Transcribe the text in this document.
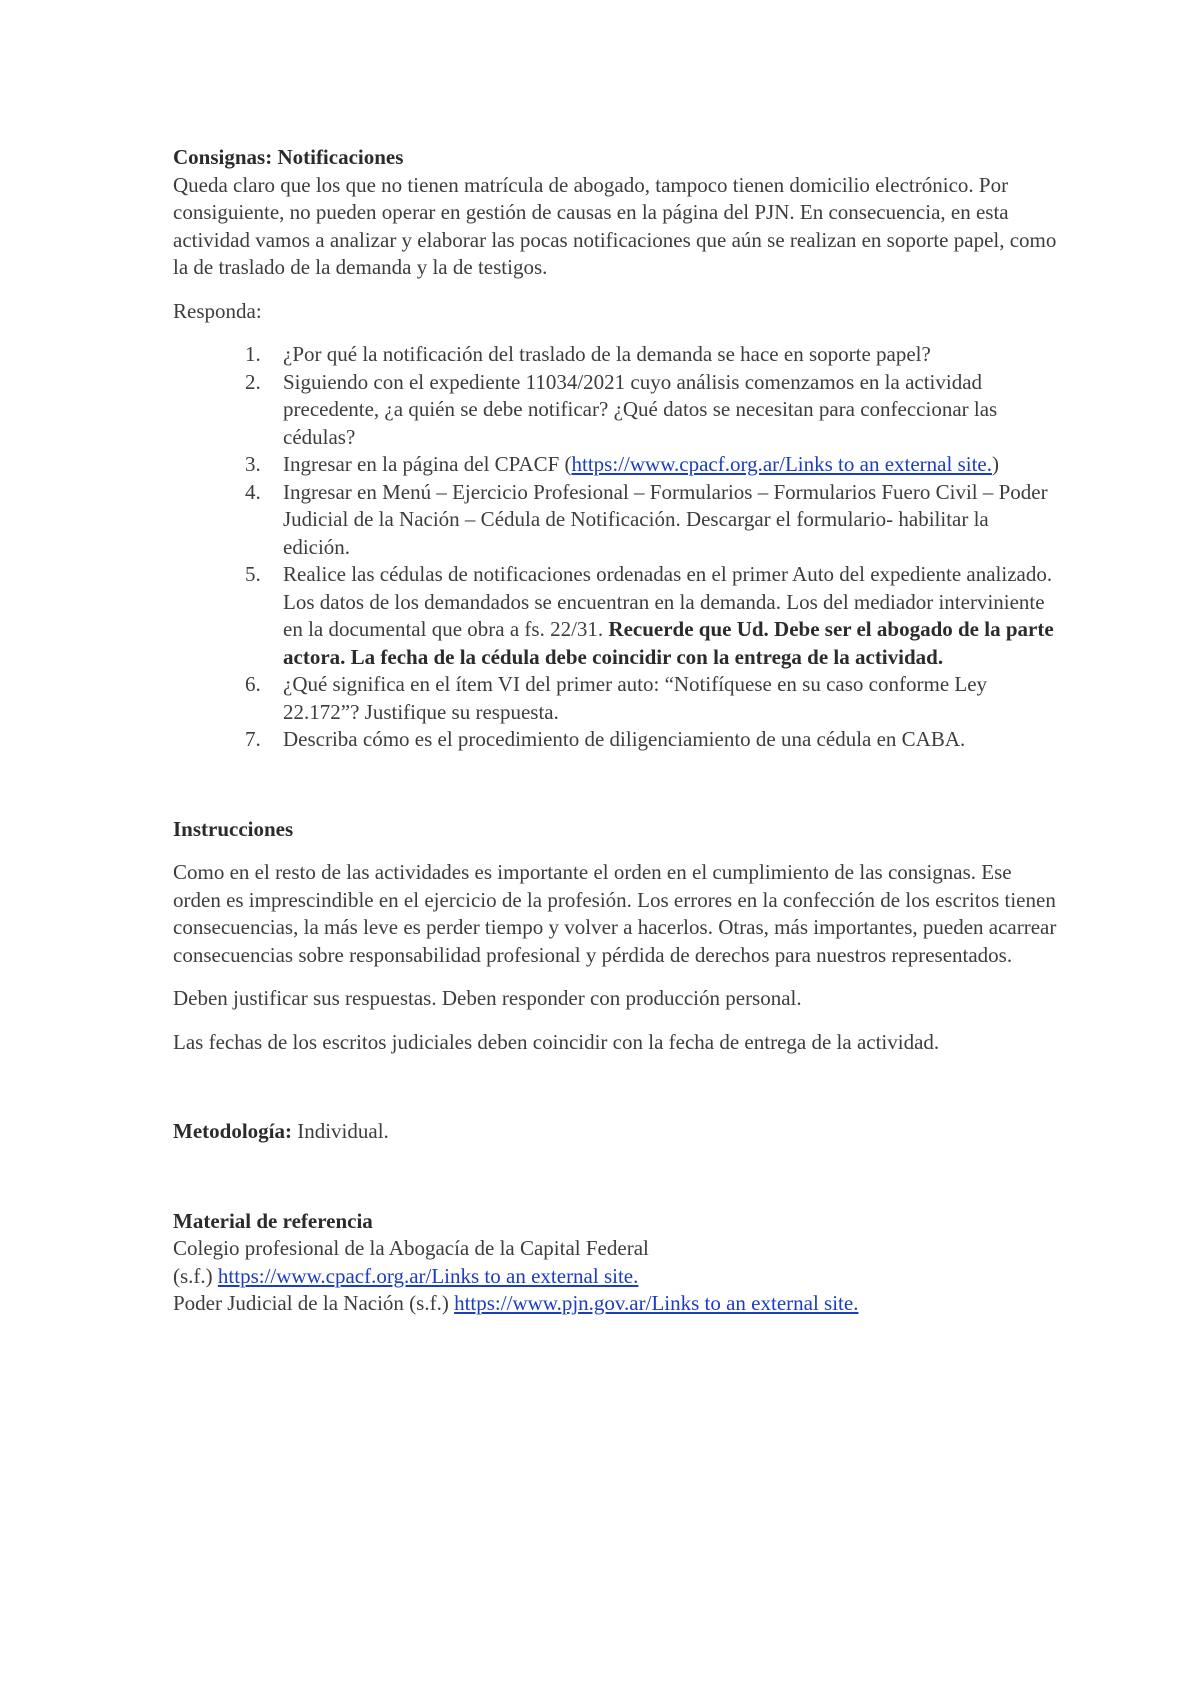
Consignas: Notificaciones

Queda claro que los que no tienen matrícula de abogado, tampoco tienen domicilio electrónico. Por consiguiente, no pueden operar en gestión de causas en la página del PJN. En consecuencia, en esta actividad vamos a analizar y elaborar las pocas notificaciones que aún se realizan en soporte papel, como la de traslado de la demanda y la de testigos.

Responda:

1. ¿Por qué la notificación del traslado de la demanda se hace en soporte papel?
2. Siguiendo con el expediente 11034/2021 cuyo análisis comenzamos en la actividad precedente, ¿a quién se debe notificar? ¿Qué datos se necesitan para confeccionar las cédulas?
3. Ingresar en la página del CPACF (https://www.cpacf.org.ar/Links to an external site.)
4. Ingresar en Menú – Ejercicio Profesional – Formularios – Formularios Fuero Civil – Poder Judicial de la Nación – Cédula de Notificación. Descargar el formulario- habilitar la edición.
5. Realice las cédulas de notificaciones ordenadas en el primer Auto del expediente analizado. Los datos de los demandados se encuentran en la demanda. Los del mediador interviniente en la documental que obra a fs. 22/31. Recuerde que Ud. Debe ser el abogado de la parte actora. La fecha de la cédula debe coincidir con la entrega de la actividad.
6. ¿Qué significa en el ítem VI del primer auto: “Notifíquese en su caso conforme Ley 22.172”? Justifique su respuesta.
7. Describa cómo es el procedimiento de diligenciamiento de una cédula en CABA.

Instrucciones

Como en el resto de las actividades es importante el orden en el cumplimiento de las consignas. Ese orden es imprescindible en el ejercicio de la profesión. Los errores en la confección de los escritos tienen consecuencias, la más leve es perder tiempo y volver a hacerlos. Otras, más importantes, pueden acarrear consecuencias sobre responsabilidad profesional y pérdida de derechos para nuestros representados.

Deben justificar sus respuestas. Deben responder con producción personal.

Las fechas de los escritos judiciales deben coincidir con la fecha de entrega de la actividad.

Metodología: Individual.

Material de referencia

Colegio profesional de la Abogacía de la Capital Federal

(s.f.) https://www.cpacf.org.ar/Links to an external site.

Poder Judicial de la Nación (s.f.) https://www.pjn.gov.ar/Links to an external site.
